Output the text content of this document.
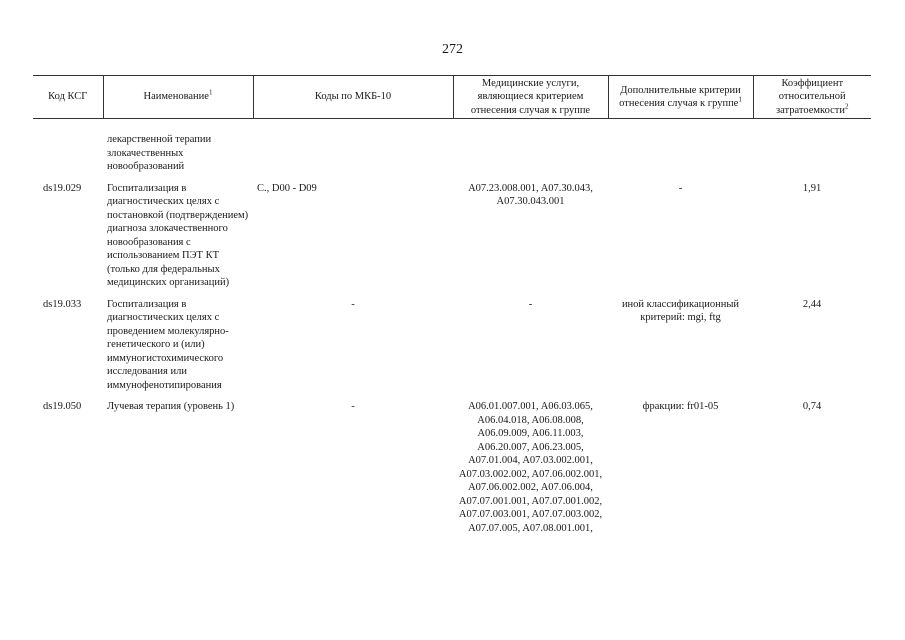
272
Код КСГ	Наименование$^1$	Коды по МКБ-10	Медицинские услуги, являющиеся критерием отнесения случая к группе	Дополнительные критерии отнесения случая к группе$^1$	Коэффициент относительной затратоемкости$^2$
	лекарственной терапии злокачественных новообразований				
ds19.029	Госпитализация в диагностических целях с постановкой (подтверждением) диагноза злокачественного новообразования с использованием ПЭТ КТ (только для федеральных медицинских организаций)	C., D00 - D09	A07.23.008.001, A07.30.043, A07.30.043.001	-	1,91
ds19.033	Госпитализация в диагностических целях с проведением молекулярно-генетического и (или) иммуногистохимического исследования или иммунофенотипирования	-	-	иной классификационный критерий: mgi, ftg	2,44
ds19.050	Лучевая терапия (уровень 1)	-	A06.01.007.001, A06.03.065, A06.04.018, A06.08.008, A06.09.009, A06.11.003, A06.20.007, A06.23.005, A07.01.004, A07.03.002.001, A07.03.002.002, A07.06.002.001, A07.06.002.002, A07.06.004, A07.07.001.001, A07.07.001.002, A07.07.003.001, A07.07.003.002, A07.07.005, A07.08.001.001,	фракции: fr01-05	0,74
